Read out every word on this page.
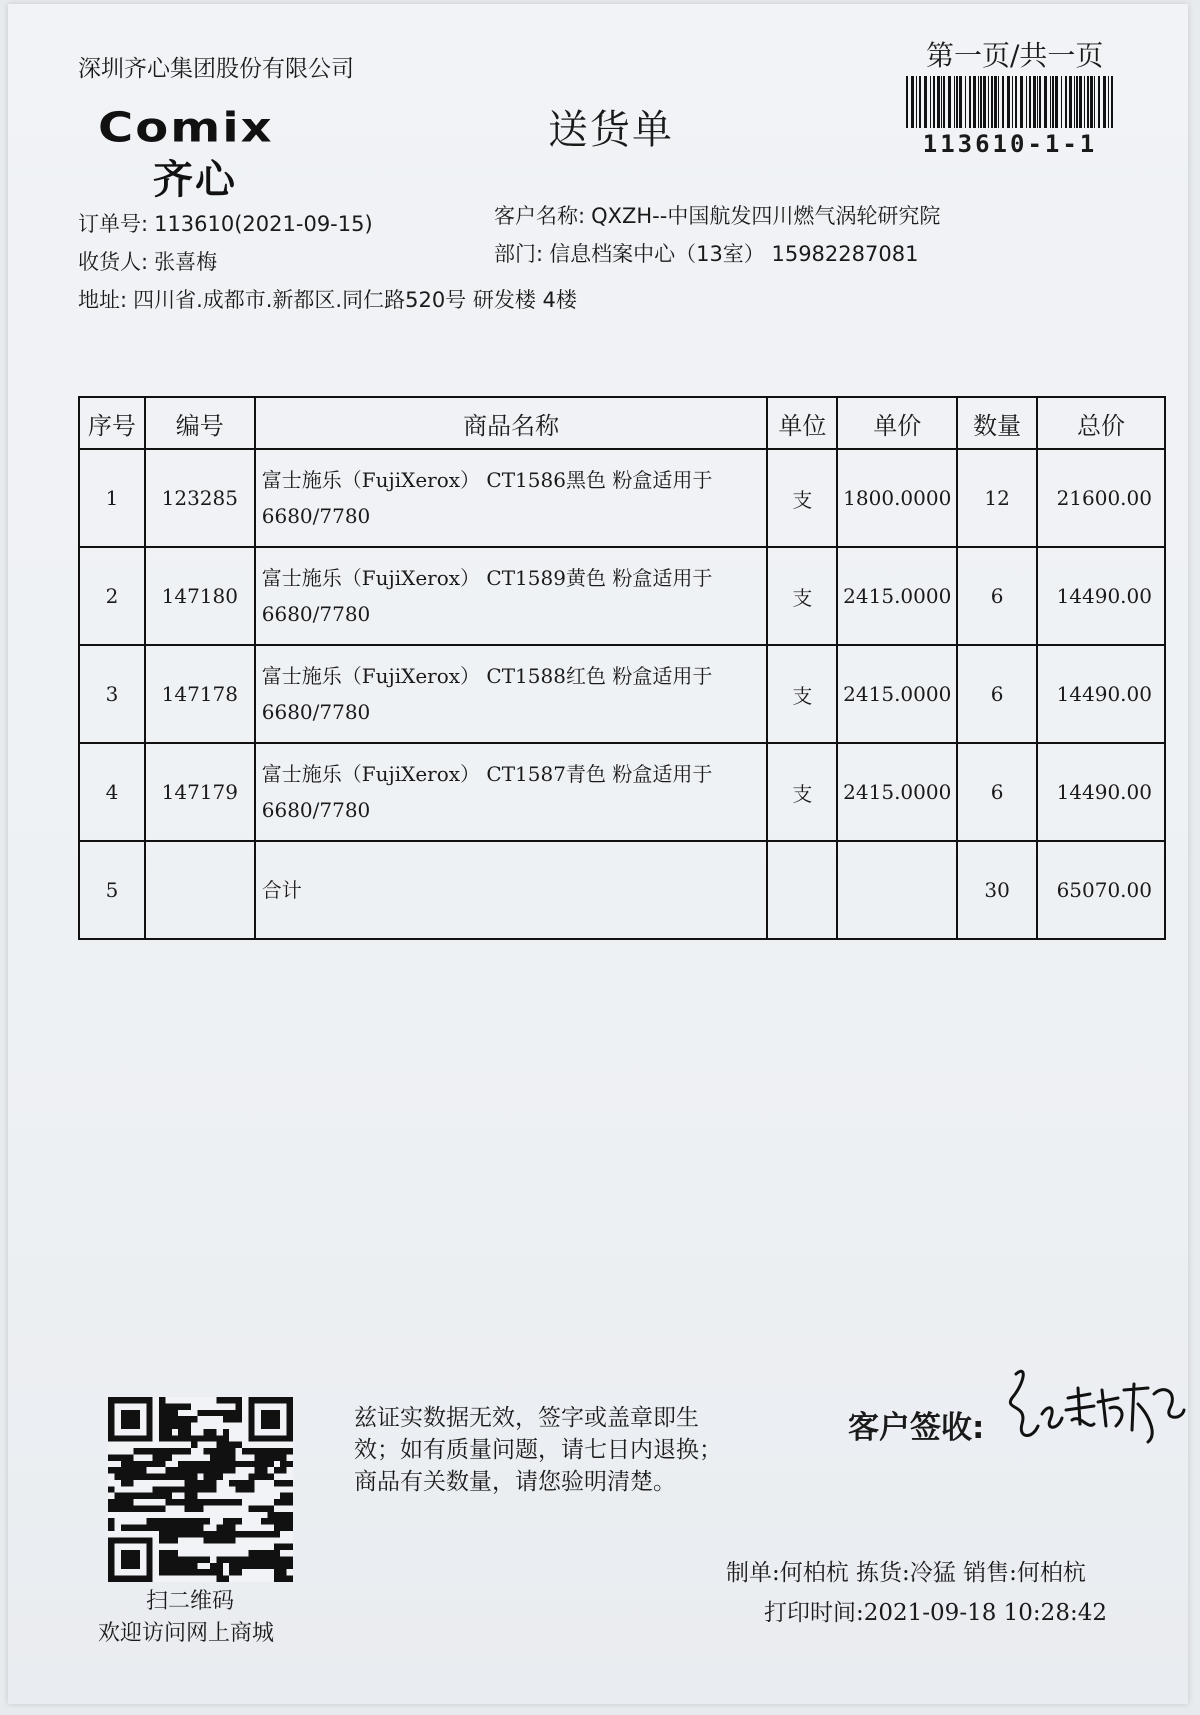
深圳齐心集团股份有限公司
Comix
齐心
送货单
第一页/共一页
113610-1-1
订单号: 113610(2021-09-15)
收货人: 张喜梅
地址: 四川省.成都市.新都区.同仁路520号 研发楼 4楼
客户名称: QXZH--中国航发四川燃气涡轮研究院
部门: 信息档案中心（13室） 15982287081
序号	编号	商品名称	单位	单价	数量	总价
1	123285	富士施乐（FujiXerox） CT1586黑色 粉盒适用于
6680/7780	支	1800.0000	12	21600.00
2	147180	富士施乐（FujiXerox） CT1589黄色 粉盒适用于
6680/7780	支	2415.0000	6	14490.00
3	147178	富士施乐（FujiXerox） CT1588红色 粉盒适用于
6680/7780	支	2415.0000	6	14490.00
4	147179	富士施乐（FujiXerox） CT1587青色 粉盒适用于
6680/7780	支	2415.0000	6	14490.00
5		合计			30	65070.00
扫二维码
欢迎访问网上商城
兹证实数据无效，签字或盖章即生
效；如有质量问题，请七日内退换；
商品有关数量，请您验明清楚。
客户签收:
制单:何柏杭 拣货:冷猛 销售:何柏杭
打印时间:2021-09-18 10:28:42
